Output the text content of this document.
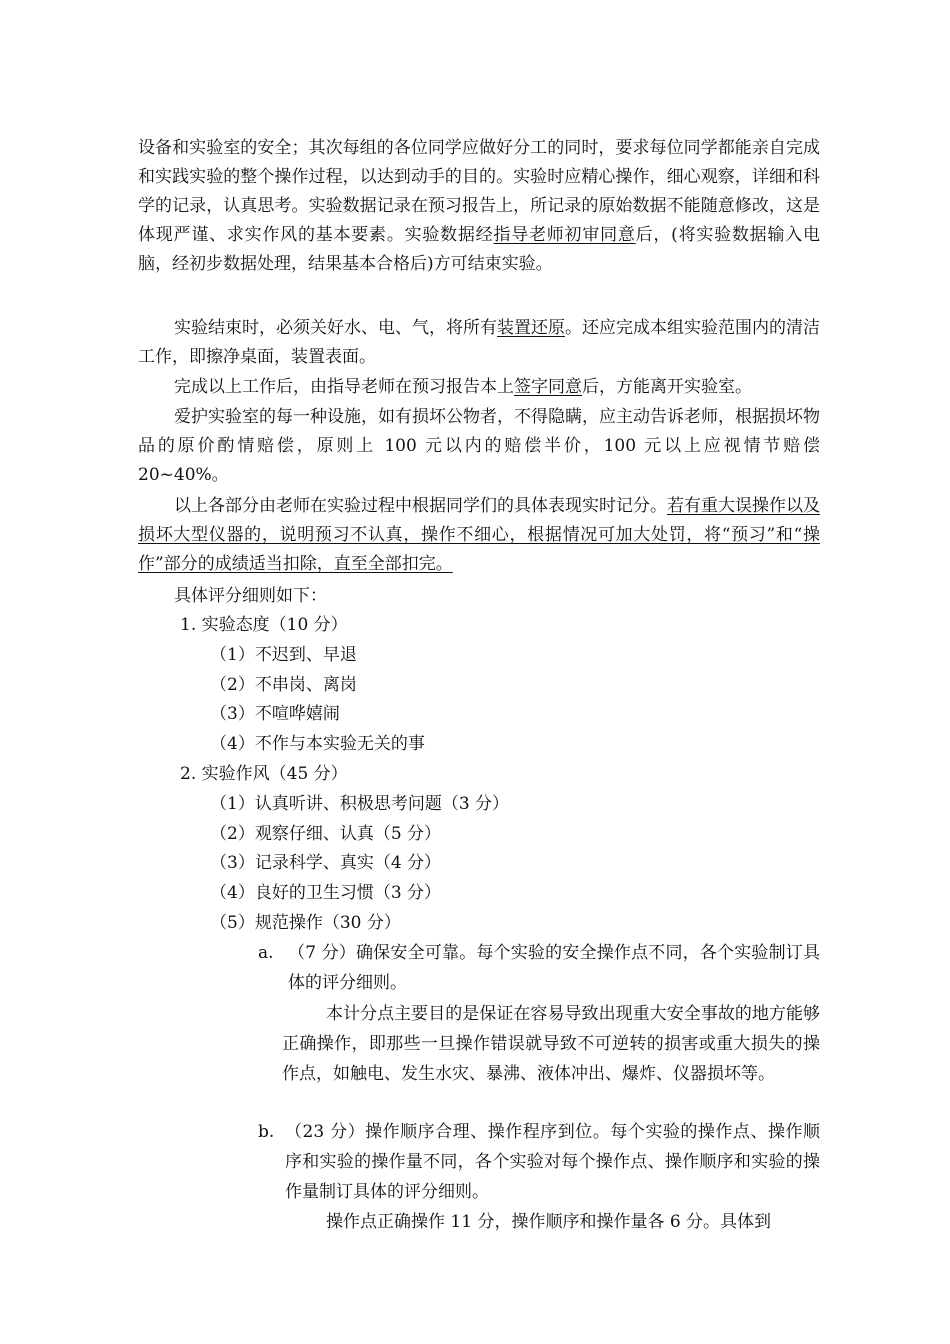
设备和实验室的安全；其次每组的各位同学应做好分工的同时，要求每位同学都能亲自完成和实践实验的整个操作过程，以达到动手的目的。实验时应精心操作，细心观察，详细和科学的记录，认真思考。实验数据记录在预习报告上，所记录的原始数据不能随意修改，这是体现严谨、求实作风的基本要素。实验数据经指导老师初审同意后，(将实验数据输入电脑，经初步数据处理，结果基本合格后)方可结束实验。

实验结束时，必须关好水、电、气，将所有装置还原。还应完成本组实验范围内的清洁工作，即擦净桌面，装置表面。

完成以上工作后，由指导老师在预习报告本上签字同意后，方能离开实验室。

爱护实验室的每一种设施，如有损坏公物者，不得隐瞒，应主动告诉老师，根据损坏物品的原价酌情赔偿，原则上 100 元以内的赔偿半价，100 元以上应视情节赔偿 20~40%。

以上各部分由老师在实验过程中根据同学们的具体表现实时记分。若有重大误操作以及损坏大型仪器的，说明预习不认真，操作不细心，根据情况可加大处罚，将“预习”和“操作”部分的成绩适当扣除，直至全部扣完。

具体评分细则如下：

1. 实验态度（10 分）

（1）不迟到、早退

（2）不串岗、离岗

（3）不喧哗嬉闹

（4）不作与本实验无关的事

2. 实验作风（45 分）

（1）认真听讲、积极思考问题（3 分）

（2）观察仔细、认真（5 分）

（3）记录科学、真实（4 分）

（4）良好的卫生习惯（3 分）

（5）规范操作（30 分）

a. （7 分）确保安全可靠。每个实验的安全操作点不同，各个实验制订具体的评分细则。

本计分点主要目的是保证在容易导致出现重大安全事故的地方能够正确操作，即那些一旦操作错误就导致不可逆转的损害或重大损失的操作点，如触电、发生水灾、暴沸、液体冲出、爆炸、仪器损坏等。

b. （23 分）操作顺序合理、操作程序到位。每个实验的操作点、操作顺序和实验的操作量不同，各个实验对每个操作点、操作顺序和实验的操作量制订具体的评分细则。

操作点正确操作 11 分，操作顺序和操作量各 6 分。具体到
